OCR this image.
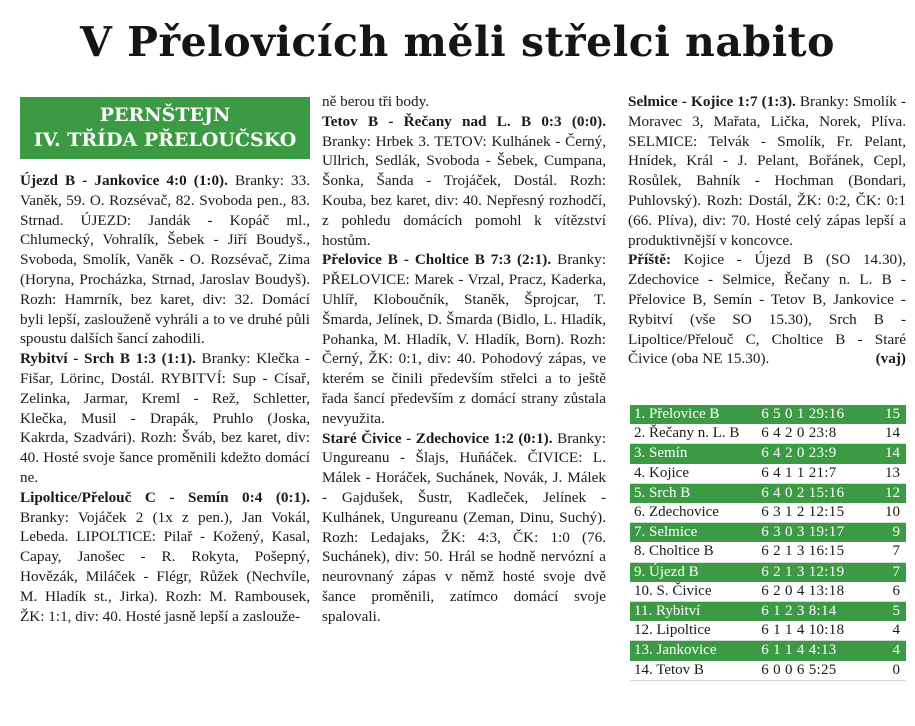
V Přelovicích měli střelci nabito
PERNŠTEJN
IV. TŘÍDA PŘELOUČSKO

Újezd B - Jankovice 4:0 (1:0). Branky: 33. Vaněk, 59. O. Rozsévač, 82. Svoboda pen., 83. Strnad. ÚJEZD: Jandák - Kopáč ml., Chlumecký, Vohralík, Šebek - Jiří Boudyš., Svoboda, Smolík, Vaněk - O. Rozsévač, Zima (Horyna, Procházka, Strnad, Jaroslav Boudyš). Rozh: Hamrník, bez karet, div: 32. Domácí byli lepší, zaslouženě vyhráli a to ve druhé půli spoustu dalších šancí zahodili.

Rybitví - Srch B 1:3 (1:1). Branky: Klečka - Fišar, Lörinc, Dostál. RYBITVÍ: Sup - Císař, Zelinka, Jarmar, Kreml - Rež, Schletter, Klečka, Musil - Drapák, Pruhlo (Joska, Kakrda, Szadvári). Rozh: Šváb, bez karet, div: 40. Hosté svoje šance proměnili kdežto domácí ne.

Lipoltice/Přelouč C - Semín 0:4 (0:1). Branky: Vojáček 2 (1x z pen.), Jan Vokál, Lebeda. LIPOLTICE: Pilař - Kožený, Kasal, Capay, Janošec - R. Rokyta, Pošepný, Hovězák, Miláček - Flégr, Růžek (Nechvíle, M. Hladík st., Jirka). Rozh: M. Rambousek, ŽK: 1:1, div: 40. Hosté jasně lepší a zaslouže-

ně berou tři body.

Tetov B - Řečany nad L. B 0:3 (0:0). Branky: Hrbek 3. TETOV: Kulhánek - Černý, Ullrich, Sedlák, Svoboda - Šebek, Cumpana, Šonka, Šanda - Trojáček, Dostál. Rozh: Kouba, bez karet, div: 40. Nepřesný rozhodčí, z pohledu domácích pomohl k vítězství hostům.

Přelovice B - Choltice B 7:3 (2:1). Branky: PŘELOVICE: Marek - Vrzal, Pracz, Kaderka, Uhlíř, Kloboučník, Staněk, Šprojcar, T. Šmarda, Jelínek, D. Šmarda (Bidlo, L. Hladík, Pohanka, M. Hladík, V. Hladík, Born). Rozh: Černý, ŽK: 0:1, div: 40. Pohodový zápas, ve kterém se činili především střelci a to ještě řada šancí především z domácí strany zůstala nevyužita.

Staré Čivice - Zdechovice 1:2 (0:1). Branky: Ungureanu - Šlajs, Huňáček. ČIVICE: L. Málek - Horáček, Suchánek, Novák, J. Málek - Gajdušek, Šustr, Kadleček, Jelínek - Kulhánek, Ungureanu (Zeman, Dinu, Suchý). Rozh: Ledajaks, ŽK: 4:3, ČK: 1:0 (76. Suchánek), div: 50. Hrál se hodně nervózní a neurovnaný zápas v němž hosté svoje dvě šance proměnili, zatímco domácí svoje spalovali.

Selmice - Kojice 1:7 (1:3). Branky: Smolík - Moravec 3, Mařata, Lička, Norek, Plíva. SELMICE: Telvák - Smolík, Fr. Pelant, Hnídek, Král - J. Pelant, Bořánek, Cepl, Rosůlek, Bahník - Hochman (Bondari, Puhlovský). Rozh: Dostál, ŽK: 0:2, ČK: 0:1 (66. Plíva), div: 70. Hosté celý zápas lepší a produktivnější v koncovce.

Příště: Kojice - Újezd B (SO 14.30), Zdechovice - Selmice, Řečany n. L. B - Přelovice B, Semín - Tetov B, Jankovice - Rybitví (vše SO 15.30), Srch B - Lipoltice/Přelouč C, Choltice B - Staré Čivice (oba NE 15.30).	(vaj)

1. Přelovice B	6 5 0 1 29:16	15
2. Řečany n. L. B	6 4 2 0 23:8	14
3. Semín	6 4 2 0 23:9	14
4. Kojice	6 4 1 1 21:7	13
5. Srch B	6 4 0 2 15:16	12
6. Zdechovice	6 3 1 2 12:15	10
7. Selmice	6 3 0 3 19:17	9
8. Choltice B	6 2 1 3 16:15	7
9. Újezd B	6 2 1 3 12:19	7
10. S. Čivice	6 2 0 4 13:18	6
11. Rybitví	6 1 2 3 8:14	5
12. Lipoltice	6 1 1 4 10:18	4
13. Jankovice	6 1 1 4 4:13	4
14. Tetov B	6 0 0 6 5:25	0
